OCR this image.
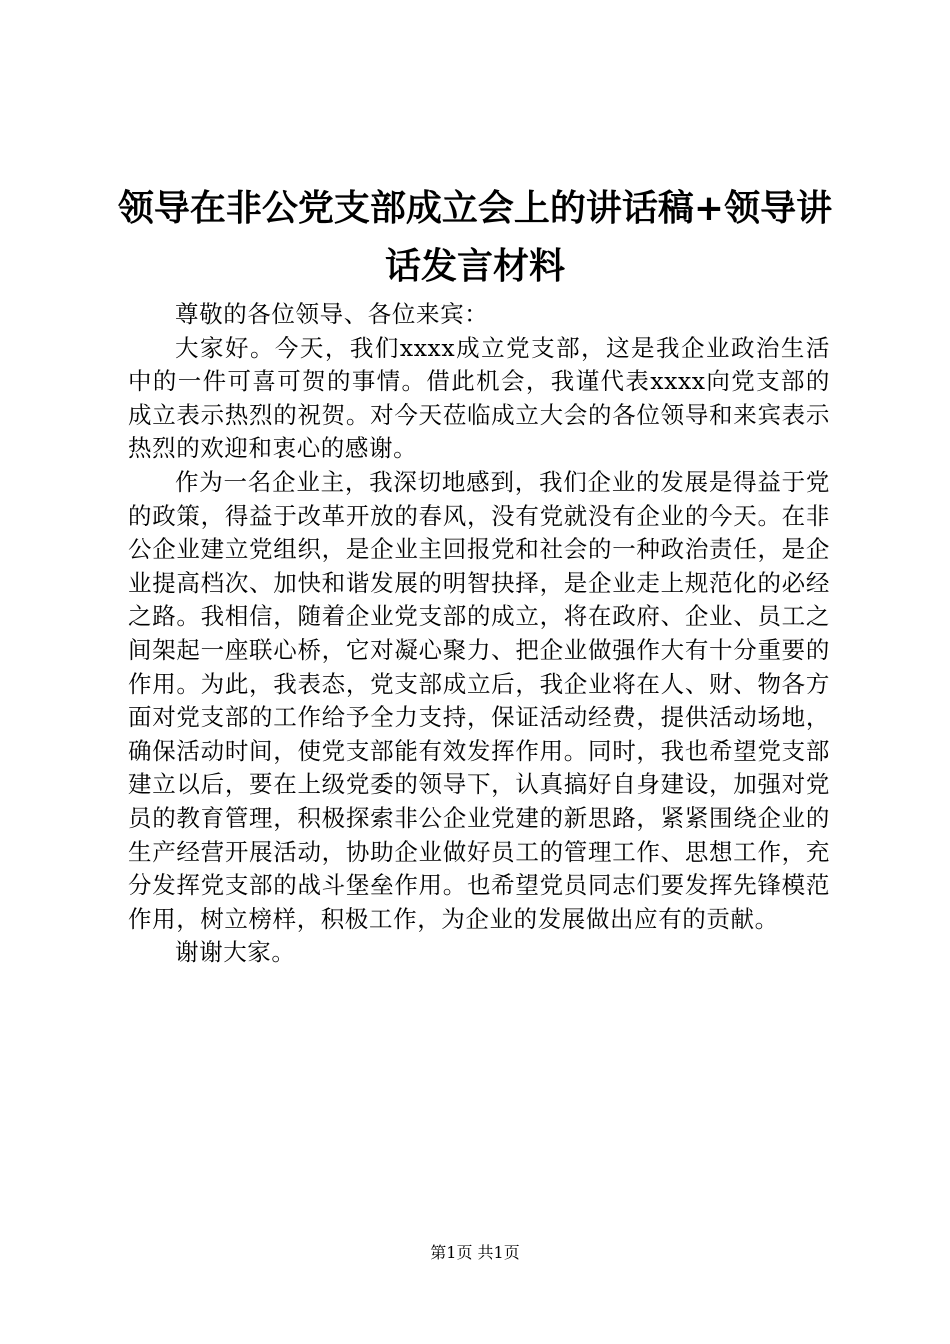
领导在非公党支部成立会上的讲话稿+领导讲
话发言材料

尊敬的各位领导、各位来宾：

大家好。今天，我们xxxx成立党支部，这是我企业政治生活中的一件可喜可贺的事情。借此机会，我谨代表xxxx向党支部的成立表示热烈的祝贺。对今天莅临成立大会的各位领导和来宾表示热烈的欢迎和衷心的感谢。

作为一名企业主，我深切地感到，我们企业的发展是得益于党的政策，得益于改革开放的春风，没有党就没有企业的今天。在非公企业建立党组织，是企业主回报党和社会的一种政治责任，是企业提高档次、加快和谐发展的明智抉择，是企业走上规范化的必经之路。我相信，随着企业党支部的成立，将在政府、企业、员工之间架起一座联心桥，它对凝心聚力、把企业做强作大有十分重要的作用。为此，我表态，党支部成立后，我企业将在人、财、物各方面对党支部的工作给予全力支持，保证活动经费，提供活动场地，确保活动时间，使党支部能有效发挥作用。同时，我也希望党支部建立以后，要在上级党委的领导下，认真搞好自身建设，加强对党员的教育管理，积极探索非公企业党建的新思路，紧紧围绕企业的生产经营开展活动，协助企业做好员工的管理工作、思想工作，充分发挥党支部的战斗堡垒作用。也希望党员同志们要发挥先锋模范作用，树立榜样，积极工作，为企业的发展做出应有的贡献。

谢谢大家。

第1页 共1页
